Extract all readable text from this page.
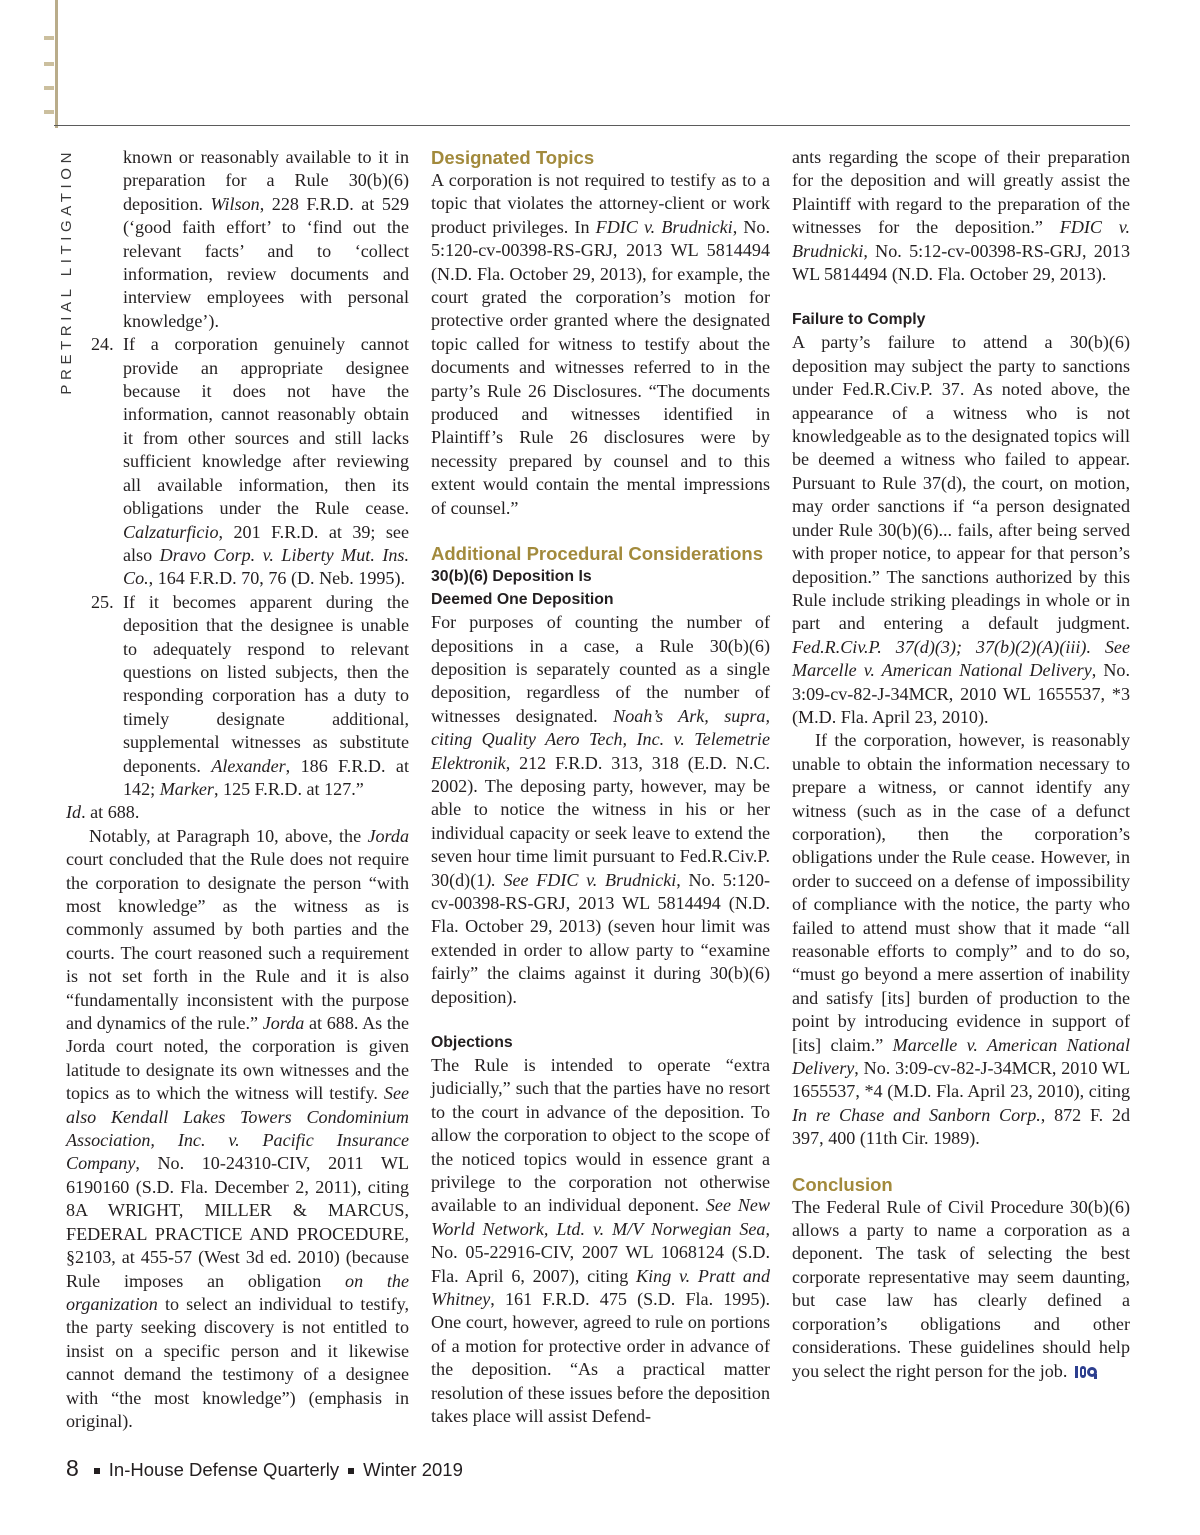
PRETRIAL LITIGATION	known or reasonably available to it in preparation for a Rule 30(b)(6) deposition. Wilson, 228 F.R.D. at 529 (‘good faith effort’ to ‘find out the relevant facts’ and to ‘collect information, review documents and interview employees with personal knowledge’).

24. If a corporation genuinely cannot provide an appropriate designee because it does not have the information, cannot reasonably obtain it from other sources and still lacks sufficient knowledge after reviewing all available information, then its obligations under the Rule cease. Calzaturficio, 201 F.R.D. at 39; see also Dravo Corp. v. Liberty Mut. Ins. Co., 164 F.R.D. 70, 76 (D. Neb. 1995).

25. If it becomes apparent during the deposition that the designee is unable to adequately respond to relevant questions on listed subjects, then the responding corporation has a duty to timely designate additional, supplemental witnesses as substitute deponents. Alexander, 186 F.R.D. at 142; Marker, 125 F.R.D. at 127.”

Id. at 688.

Notably, at Paragraph 10, above, the Jorda court concluded that the Rule does not require the corporation to designate the person “with most knowledge” as the witness as is commonly assumed by both parties and the courts. The court reasoned such a requirement is not set forth in the Rule and it is also “fundamentally inconsistent with the purpose and dynamics of the rule.” Jorda at 688. As the Jorda court noted, the corporation is given latitude to designate its own witnesses and the topics as to which the witness will testify. See also Kendall Lakes Towers Condominium Association, Inc. v. Pacific Insurance Company, No. 10-24310-CIV, 2011 WL 6190160 (S.D. Fla. December 2, 2011), citing 8A WRIGHT, MILLER & MARCUS, FEDERAL PRACTICE AND PROCEDURE, §2103, at 455-57 (West 3d ed. 2010) (because Rule imposes an obligation on the organization to select an individual to testify, the party seeking discovery is not entitled to insist on a specific person and it likewise cannot demand the testimony of a designee with “the most knowledge”) (emphasis in original).

Designated Topics

A corporation is not required to testify as to a topic that violates the attorney-client or work product privileges. In FDIC v. Brudnicki, No. 5:120-cv-00398-RS-GRJ, 2013 WL 5814494 (N.D. Fla. October 29, 2013), for example, the court grated the corporation’s motion for protective order granted where the designated topic called for witness to testify about the documents and witnesses referred to in the party’s Rule 26 Disclosures. “The documents produced and witnesses identified in Plaintiff’s Rule 26 disclosures were by necessity prepared by counsel and to this extent would contain the mental impressions of counsel.”

Additional Procedural Considerations
30(b)(6) Deposition Is
Deemed One Deposition

For purposes of counting the number of depositions in a case, a Rule 30(b)(6) deposition is separately counted as a single deposition, regardless of the number of witnesses designated. Noah’s Ark, supra, citing Quality Aero Tech, Inc. v. Telemetrie Elektronik, 212 F.R.D. 313, 318 (E.D. N.C. 2002). The deposing party, however, may be able to notice the witness in his or her individual capacity or seek leave to extend the seven hour time limit pursuant to Fed.R.Civ.P. 30(d)(1). See FDIC v. Brudnicki, No. 5:120-cv-00398-RS-GRJ, 2013 WL 5814494 (N.D. Fla. October 29, 2013) (seven hour limit was extended in order to allow party to “examine fairly” the claims against it during 30(b)(6) deposition).

Objections

The Rule is intended to operate “extra judicially,” such that the parties have no resort to the court in advance of the deposition. To allow the corporation to object to the scope of the noticed topics would in essence grant a privilege to the corporation not otherwise available to an individual deponent. See New World Network, Ltd. v. M/V Norwegian Sea, No. 05-22916-CIV, 2007 WL 1068124 (S.D. Fla. April 6, 2007), citing King v. Pratt and Whitney, 161 F.R.D. 475 (S.D. Fla. 1995). One court, however, agreed to rule on portions of a motion for protective order in advance of the deposition. “As a practical matter resolution of these issues before the deposition takes place will assist Defend-

ants regarding the scope of their preparation for the deposition and will greatly assist the Plaintiff with regard to the preparation of the witnesses for the deposition.” FDIC v. Brudnicki, No. 5:12-cv-00398-RS-GRJ, 2013 WL 5814494 (N.D. Fla. October 29, 2013).

Failure to Comply

A party’s failure to attend a 30(b)(6) deposition may subject the party to sanctions under Fed.R.Civ.P. 37. As noted above, the appearance of a witness who is not knowledgeable as to the designated topics will be deemed a witness who failed to appear. Pursuant to Rule 37(d), the court, on motion, may order sanctions if “a person designated under Rule 30(b)(6)... fails, after being served with proper notice, to appear for that person’s deposition.” The sanctions authorized by this Rule include striking pleadings in whole or in part and entering a default judgment. Fed.R.Civ.P. 37(d)(3); 37(b)(2)(A)(iii). See Marcelle v. American National Delivery, No. 3:09-cv-82-J-34MCR, 2010 WL 1655537, *3 (M.D. Fla. April 23, 2010).

If the corporation, however, is reasonably unable to obtain the information necessary to prepare a witness, or cannot identify any witness (such as in the case of a defunct corporation), then the corporation’s obligations under the Rule cease. However, in order to succeed on a defense of impossibility of compliance with the notice, the party who failed to attend must show that it made “all reasonable efforts to comply” and to do so, “must go beyond a mere assertion of inability and satisfy [its] burden of production to the point by introducing evidence in support of [its] claim.” Marcelle v. American National Delivery, No. 3:09-cv-82-J-34MCR, 2010 WL 1655537, *4 (M.D. Fla. April 23, 2010), citing In re Chase and Sanborn Corp., 872 F. 2d 397, 400 (11th Cir. 1989).

Conclusion

The Federal Rule of Civil Procedure 30(b)(6) allows a party to name a corporation as a deponent. The task of selecting the best corporate representative may seem daunting, but case law has clearly defined a corporation’s obligations and other considerations. These guidelines should help you select the right person for the job.

8 In-House Defense Quarterly Winter 2019
